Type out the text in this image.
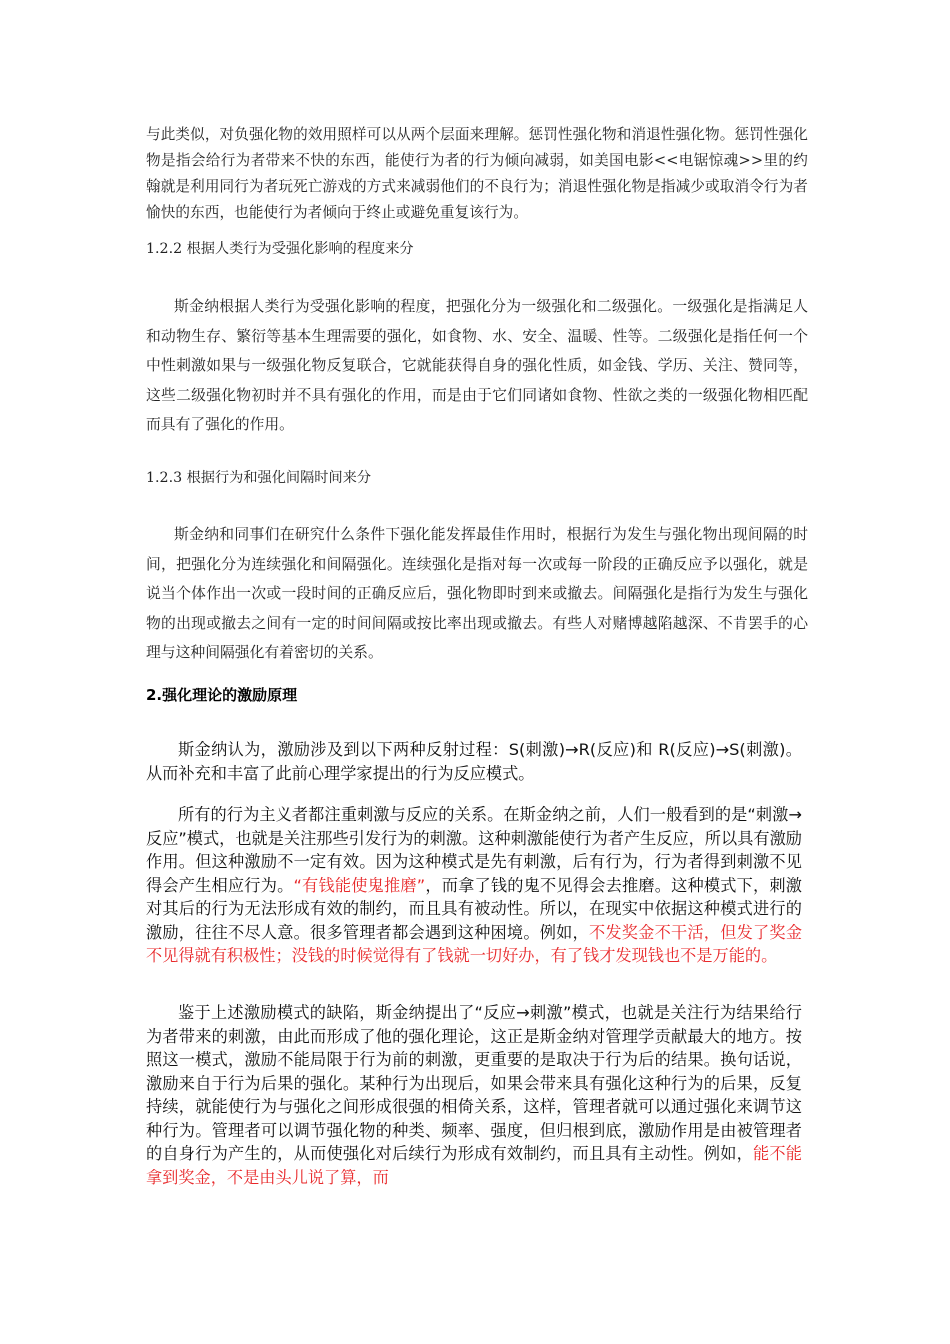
与此类似，对负强化物的效用照样可以从两个层面来理解。惩罚性强化物和消退性强化物。惩罚性强化物是指会给行为者带来不快的东西，能使行为者的行为倾向减弱，如美国电影<<电锯惊魂>>里的约翰就是利用同行为者玩死亡游戏的方式来减弱他们的不良行为；消退性强化物是指减少或取消令行为者愉快的东西，也能使行为者倾向于终止或避免重复该行为。

1.2.2 根据人类行为受强化影响的程度来分

斯金纳根据人类行为受强化影响的程度，把强化分为一级强化和二级强化。一级强化是指满足人和动物生存、繁衍等基本生理需要的强化，如食物、水、安全、温暖、性等。二级强化是指任何一个中性刺激如果与一级强化物反复联合，它就能获得自身的强化性质，如金钱、学历、关注、赞同等，这些二级强化物初时并不具有强化的作用，而是由于它们同诸如食物、性欲之类的一级强化物相匹配而具有了强化的作用。

1.2.3 根据行为和强化间隔时间来分

斯金纳和同事们在研究什么条件下强化能发挥最佳作用时，根据行为发生与强化物出现间隔的时间，把强化分为连续强化和间隔强化。连续强化是指对每一次或每一阶段的正确反应予以强化，就是说当个体作出一次或一段时间的正确反应后，强化物即时到来或撤去。间隔强化是指行为发生与强化物的出现或撤去之间有一定的时间间隔或按比率出现或撤去。有些人对赌博越陷越深、不肯罢手的心理与这种间隔强化有着密切的关系。

2.强化理论的激励原理

斯金纳认为，激励涉及到以下两种反射过程：S(刺激)→R(反应)和 R(反应)→S(刺激)。从而补充和丰富了此前心理学家提出的行为反应模式。

所有的行为主义者都注重刺激与反应的关系。在斯金纳之前，人们一般看到的是“刺激→反应”模式，也就是关注那些引发行为的刺激。这种刺激能使行为者产生反应，所以具有激励作用。但这种激励不一定有效。因为这种模式是先有刺激，后有行为，行为者得到刺激不见得会产生相应行为。“有钱能使鬼推磨”，而拿了钱的鬼不见得会去推磨。这种模式下，刺激对其后的行为无法形成有效的制约，而且具有被动性。所以，在现实中依据这种模式进行的激励，往往不尽人意。很多管理者都会遇到这种困境。例如，不发奖金不干活，但发了奖金不见得就有积极性；没钱的时候觉得有了钱就一切好办，有了钱才发现钱也不是万能的。

鉴于上述激励模式的缺陷，斯金纳提出了“反应→刺激”模式，也就是关注行为结果给行为者带来的刺激，由此而形成了他的强化理论，这正是斯金纳对管理学贡献最大的地方。按照这一模式，激励不能局限于行为前的刺激，更重要的是取决于行为后的结果。换句话说，激励来自于行为后果的强化。某种行为出现后，如果会带来具有强化这种行为的后果，反复持续，就能使行为与强化之间形成很强的相倚关系，这样，管理者就可以通过强化来调节这种行为。管理者可以调节强化物的种类、频率、强度，但归根到底，激励作用是由被管理者的自身行为产生的，从而使强化对后续行为形成有效制约，而且具有主动性。例如，能不能拿到奖金，不是由头儿说了算，而
